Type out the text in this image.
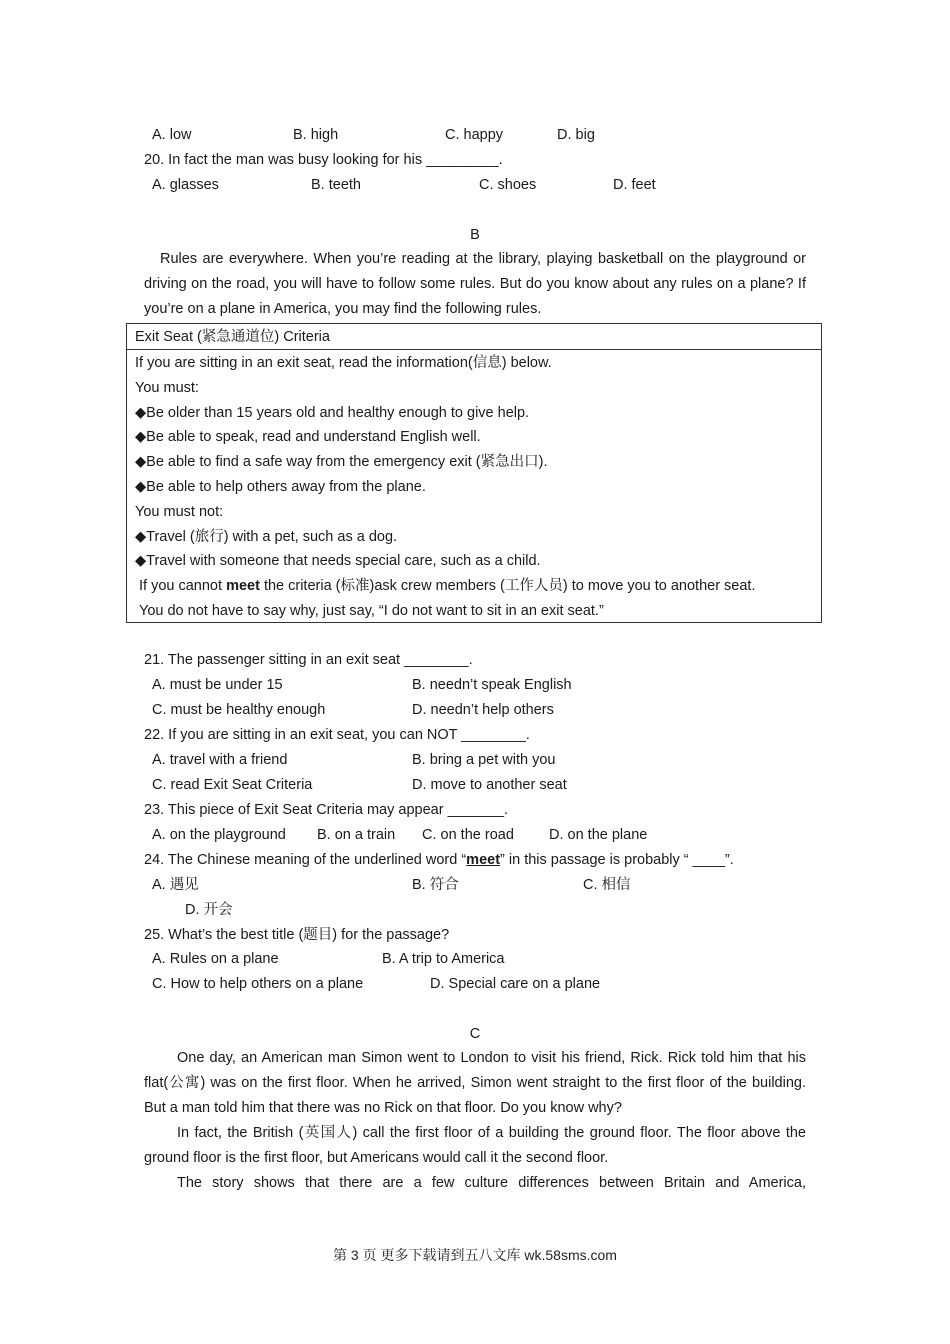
A. low	B. high	C. happy	D. big
20. In fact the man was busy looking for his _________.
A. glasses	B. teeth	C. shoes	D. feet
B

Rules are everywhere. When you’re reading at the library, playing basketball on the playground or driving on the road, you will have to follow some rules. But do you know about any rules on a plane? If you’re on a plane in America, you may find the following rules.

Exit Seat (紧急通道位) Criteria
If you are sitting in an exit seat, read the information(信息) below.
You must:
◆Be older than 15 years old and healthy enough to give help.
◆Be able to speak, read and understand English well.
◆Be able to find a safe way from the emergency exit (紧急出口).
◆Be able to help others away from the plane.
You must not:
◆Travel (旅行) with a pet, such as a dog.
◆Travel with someone that needs special care, such as a child.
If you cannot meet the criteria (标准)ask crew members (工作人员) to move you to another seat.
You do not have to say why, just say, “I do not want to sit in an exit seat.”
21. The passenger sitting in an exit seat ________.
A. must be under 15	B. needn’t speak English
C. must be healthy enough	D. needn’t help others
22. If you are sitting in an exit seat, you can NOT ________.
A. travel with a friend	B. bring a pet with you
C. read Exit Seat Criteria	D. move to another seat
23. This piece of Exit Seat Criteria may appear _______.
A. on the playground B. on a train C. on the road D. on the plane
24. The Chinese meaning of the underlined word “meet” in this passage is probably “ ____”.
A. 遇见	B. 符合	C. 相信
D. 开会
25. What’s the best title (题目) for the passage?
A. Rules on a plane	B. A trip to America
C. How to help others on a plane	D. Special care on a plane
C

One day, an American man Simon went to London to visit his friend, Rick. Rick told him that his flat(公寓) was on the first floor. When he arrived, Simon went straight to the first floor of the building. But a man told him that there was no Rick on that floor. Do you know why?

In fact, the British (英国人) call the first floor of a building the ground floor. The floor above the ground floor is the first floor, but Americans would call it the second floor.

The story shows that there are a few culture differences between Britain and America,

第 3 页 更多下载请到五八文库 wk.58sms.com
